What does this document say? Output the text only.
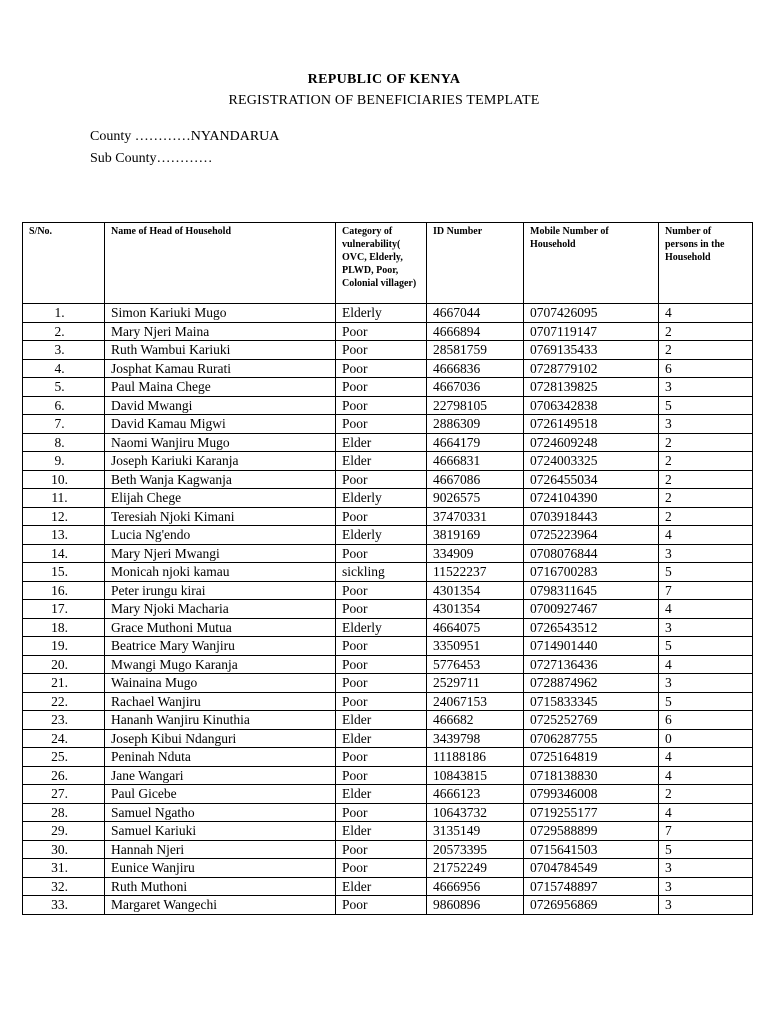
REPUBLIC OF KENYA
REGISTRATION OF BENEFICIARIES TEMPLATE
County …………NYANDARUA
Sub County…………
S/No.	Name of Head of Household	Category of vulnerability( OVC, Elderly, PLWD, Poor, Colonial villager)	ID Number	Mobile Number of Household	Number of persons in the Household
1.	Simon Kariuki Mugo	Elderly	4667044	0707426095	4
2.	Mary Njeri Maina	Poor	4666894	0707119147	2
3.	Ruth Wambui Kariuki	Poor	28581759	0769135433	2
4.	Josphat Kamau Rurati	Poor	4666836	0728779102	6
5.	Paul Maina Chege	Poor	4667036	0728139825	3
6.	David Mwangi	Poor	22798105	0706342838	5
7.	David Kamau Migwi	Poor	2886309	0726149518	3
8.	Naomi Wanjiru Mugo	Elder	4664179	0724609248	2
9.	Joseph Kariuki Karanja	Elder	4666831	0724003325	2
10.	Beth Wanja Kagwanja	Poor	4667086	0726455034	2
11.	Elijah Chege	Elderly	9026575	0724104390	2
12.	Teresiah Njoki Kimani	Poor	37470331	0703918443	2
13.	Lucia Ng'endo	Elderly	3819169	0725223964	4
14.	Mary Njeri Mwangi	Poor	334909	0708076844	3
15.	Monicah njoki kamau	sickling	11522237	0716700283	5
16.	Peter irungu kirai	Poor	4301354	0798311645	7
17.	Mary Njoki Macharia	Poor	4301354	0700927467	4
18.	Grace Muthoni Mutua	Elderly	4664075	0726543512	3
19.	Beatrice Mary Wanjiru	Poor	3350951	0714901440	5
20.	Mwangi Mugo Karanja	Poor	5776453	0727136436	4
21.	Wainaina Mugo	Poor	2529711	0728874962	3
22.	Rachael Wanjiru	Poor	24067153	0715833345	5
23.	Hananh Wanjiru Kinuthia	Elder	466682	0725252769	6
24.	Joseph Kibui Ndanguri	Elder	3439798	0706287755	0
25.	Peninah Nduta	Poor	11188186	0725164819	4
26.	Jane Wangari	Poor	10843815	0718138830	4
27.	Paul Gicebe	Elder	4666123	0799346008	2
28.	Samuel Ngatho	Poor	10643732	0719255177	4
29.	Samuel Kariuki	Elder	3135149	0729588899	7
30.	Hannah Njeri	Poor	20573395	0715641503	5
31.	Eunice Wanjiru	Poor	21752249	0704784549	3
32.	Ruth Muthoni	Elder	4666956	0715748897	3
33.	Margaret Wangechi	Poor	9860896	0726956869	3
